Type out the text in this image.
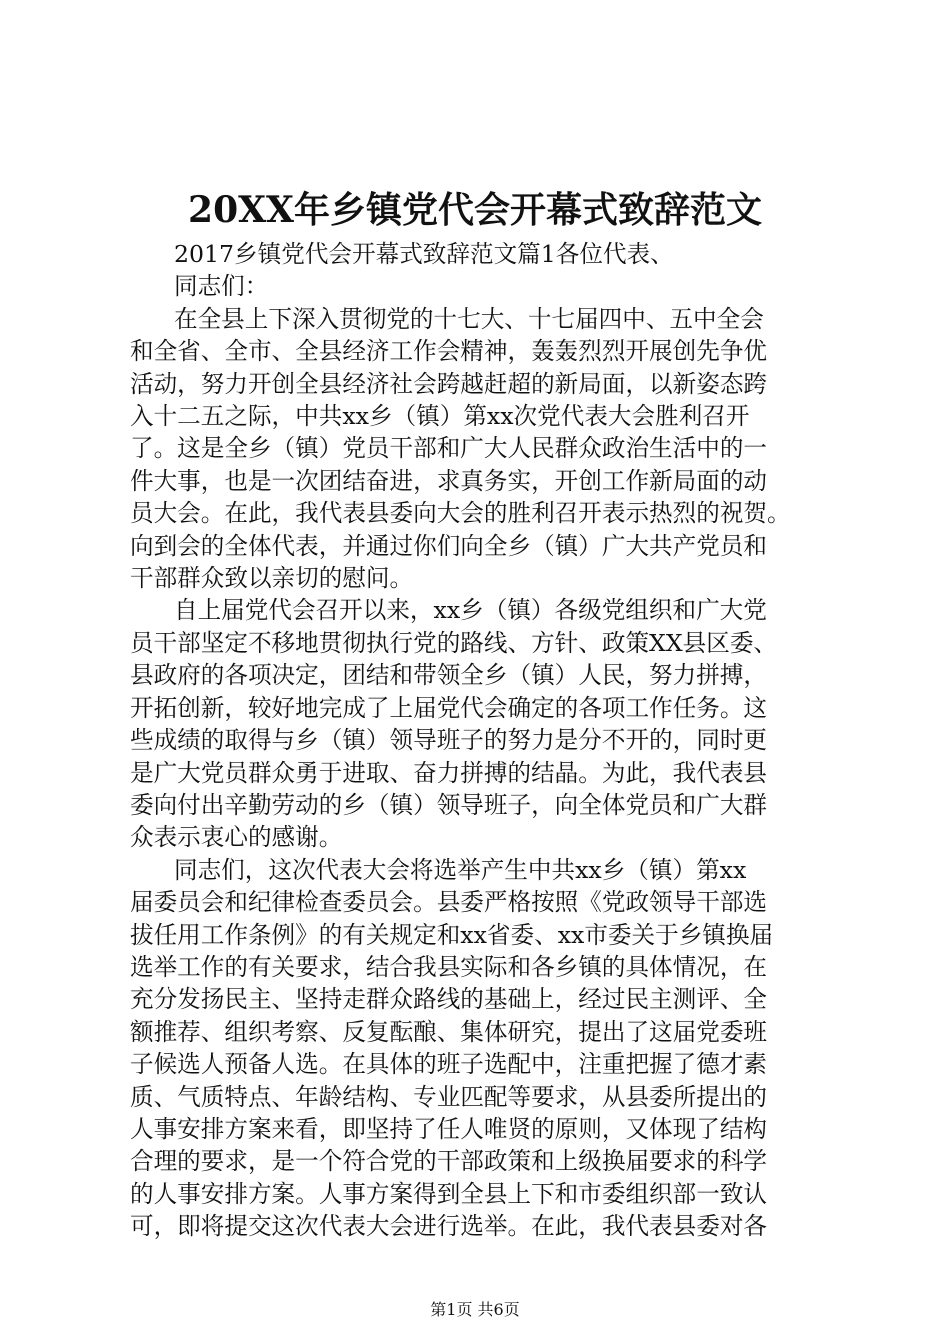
20XX年乡镇党代会开幕式致辞范文
2017乡镇党代会开幕式致辞范文篇1各位代表、
同志们：
在全县上下深入贯彻党的十七大、十七届四中、五中全会
和全省、全市、全县经济工作会精神，轰轰烈烈开展创先争优
活动，努力开创全县经济社会跨越赶超的新局面，以新姿态跨
入十二五之际，中共xx乡（镇）第xx次党代表大会胜利召开
了。这是全乡（镇）党员干部和广大人民群众政治生活中的一
件大事，也是一次团结奋进，求真务实，开创工作新局面的动
员大会。在此，我代表县委向大会的胜利召开表示热烈的祝贺。
向到会的全体代表，并通过你们向全乡（镇）广大共产党员和
干部群众致以亲切的慰问。
自上届党代会召开以来，xx乡（镇）各级党组织和广大党
员干部坚定不移地贯彻执行党的路线、方针、政策XX县区委、
县政府的各项决定，团结和带领全乡（镇）人民，努力拼搏，
开拓创新，较好地完成了上届党代会确定的各项工作任务。这
些成绩的取得与乡（镇）领导班子的努力是分不开的，同时更
是广大党员群众勇于进取、奋力拼搏的结晶。为此，我代表县
委向付出辛勤劳动的乡（镇）领导班子，向全体党员和广大群
众表示衷心的感谢。
同志们，这次代表大会将选举产生中共xx乡（镇）第xx
届委员会和纪律检查委员会。县委严格按照《党政领导干部选
拔任用工作条例》的有关规定和xx省委、xx市委关于乡镇换届
选举工作的有关要求，结合我县实际和各乡镇的具体情况，在
充分发扬民主、坚持走群众路线的基础上，经过民主测评、全
额推荐、组织考察、反复酝酿、集体研究，提出了这届党委班
子候选人预备人选。在具体的班子选配中，注重把握了德才素
质、气质特点、年龄结构、专业匹配等要求，从县委所提出的
人事安排方案来看，即坚持了任人唯贤的原则，又体现了结构
合理的要求，是一个符合党的干部政策和上级换届要求的科学
的人事安排方案。人事方案得到全县上下和市委组织部一致认
可，即将提交这次代表大会进行选举。在此，我代表县委对各
第1页 共6页
